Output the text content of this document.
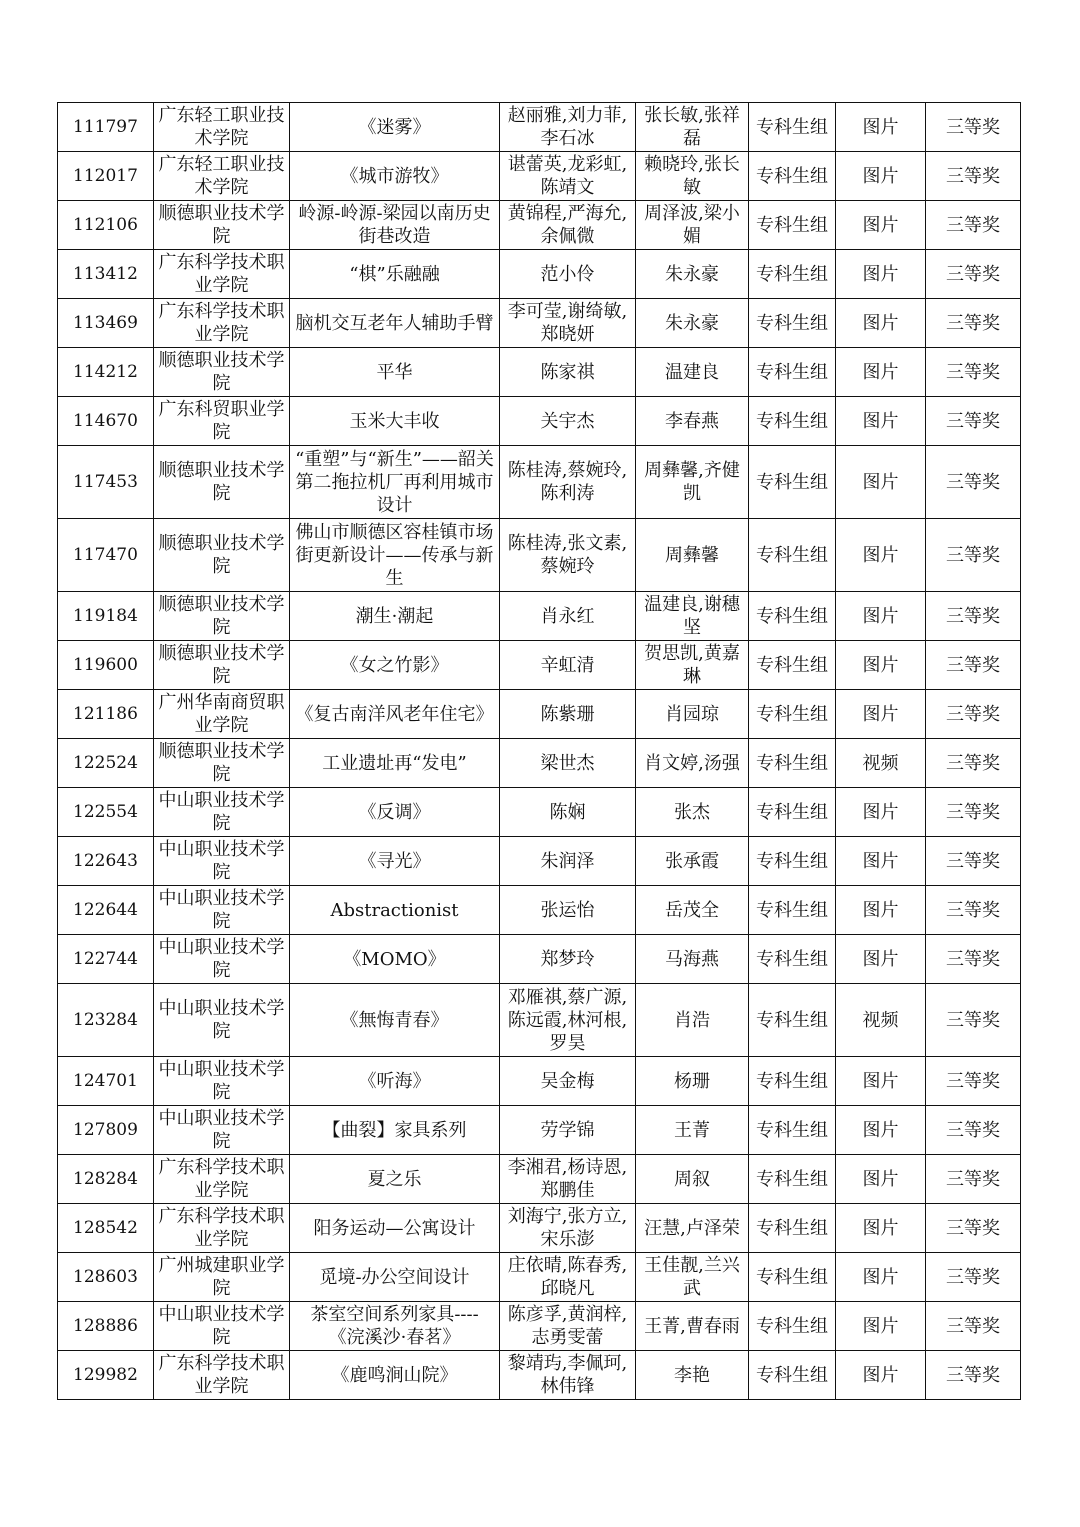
111797	广东轻工职业技术学院	《迷雾》	赵丽雅,刘力菲,李石冰	张长敏,张祥磊	专科生组	图片	三等奖
112017	广东轻工职业技术学院	《城市游牧》	谌蕾英,龙彩虹,陈靖文	赖晓玲,张长敏	专科生组	图片	三等奖
112106	顺德职业技术学院	岭源-岭源-梁园以南历史街巷改造	黄锦程,严海允,余佩微	周泽波,梁小媚	专科生组	图片	三等奖
113412	广东科学技术职业学院	“棋”乐融融	范小伶	朱永豪	专科生组	图片	三等奖
113469	广东科学技术职业学院	脑机交互老年人辅助手臂	李可莹,谢绮敏,郑晓妍	朱永豪	专科生组	图片	三等奖
114212	顺德职业技术学院	平华	陈家祺	温建良	专科生组	图片	三等奖
114670	广东科贸职业学院	玉米大丰收	关宇杰	李春燕	专科生组	图片	三等奖
117453	顺德职业技术学院	“重塑”与“新生”——韶关第二拖拉机厂再利用城市设计	陈桂涛,蔡婉玲,陈利涛	周彝馨,齐健凯	专科生组	图片	三等奖
117470	顺德职业技术学院	佛山市顺德区容桂镇市场街更新设计——传承与新生	陈桂涛,张文素,蔡婉玲	周彝馨	专科生组	图片	三等奖
119184	顺德职业技术学院	潮生·潮起	肖永红	温建良,谢穗坚	专科生组	图片	三等奖
119600	顺德职业技术学院	《女之竹影》	辛虹清	贺思凯,黄嘉琳	专科生组	图片	三等奖
121186	广州华南商贸职业学院	《复古南洋风老年住宅》	陈紫珊	肖园琼	专科生组	图片	三等奖
122524	顺德职业技术学院	工业遗址再“发电”	梁世杰	肖文婷,汤强	专科生组	视频	三等奖
122554	中山职业技术学院	《反调》	陈娴	张杰	专科生组	图片	三等奖
122643	中山职业技术学院	《寻光》	朱润泽	张承霞	专科生组	图片	三等奖
122644	中山职业技术学院	Abstractionist	张运怡	岳茂全	专科生组	图片	三等奖
122744	中山职业技术学院	《MOMO》	郑梦玲	马海燕	专科生组	图片	三等奖
123284	中山职业技术学院	《無悔青春》	邓雁祺,蔡广源,陈远霞,林河根,罗昊	肖浩	专科生组	视频	三等奖
124701	中山职业技术学院	《听海》	吴金梅	杨珊	专科生组	图片	三等奖
127809	中山职业技术学院	【曲裂】家具系列	劳学锦	王菁	专科生组	图片	三等奖
128284	广东科学技术职业学院	夏之乐	李湘君,杨诗恩,郑鹏佳	周叙	专科生组	图片	三等奖
128542	广东科学技术职业学院	阳务运动—公寓设计	刘海宁,张方立,宋乐澎	汪慧,卢泽荣	专科生组	图片	三等奖
128603	广州城建职业学院	觅境-办公空间设计	庄依晴,陈春秀,邱晓凡	王佳靓,兰兴武	专科生组	图片	三等奖
128886	中山职业技术学院	茶室空间系列家具----《浣溪沙·春茗》	陈彦孚,黄润梓,志勇雯蕾	王菁,曹春雨	专科生组	图片	三等奖
129982	广东科学技术职业学院	《鹿鸣涧山院》	黎靖玙,李佩珂,林伟锋	李艳	专科生组	图片	三等奖
